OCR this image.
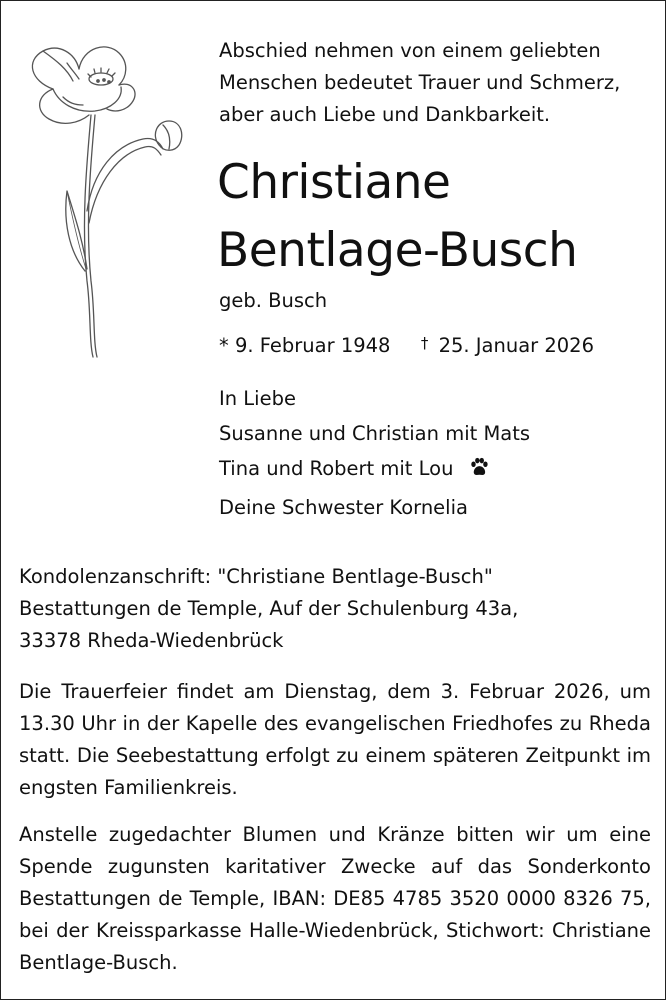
Abschied nehmen von einem geliebten
Menschen bedeutet Trauer und Schmerz,
aber auch Liebe und Dankbarkeit.
Christiane
Bentlage-Busch
geb. Busch
* 9. Februar 1948 † 25. Januar 2026
In Liebe
Susanne und Christian mit Mats
Tina und Robert mit Lou
Deine Schwester Kornelia
Kondolenzanschrift: "Christiane Bentlage-Busch"
Bestattungen de Temple, Auf der Schulenburg 43a,
33378 Rheda-Wiedenbrück
Die Trauerfeier findet am Dienstag, dem 3. Februar 2026, um 13.30 Uhr in der Kapelle des evangelischen Friedhofes zu Rheda statt. Die Seebestattung erfolgt zu einem späteren Zeitpunkt im engsten Familienkreis.
Anstelle zugedachter Blumen und Kränze bitten wir um eine Spende zugunsten karitativer Zwecke auf das Sonderkonto Bestattungen de Temple, IBAN: DE85 4785 3520 0000 8326 75, bei der Kreissparkasse Halle-Wiedenbrück, Stichwort: Christiane Bentlage-Busch.
